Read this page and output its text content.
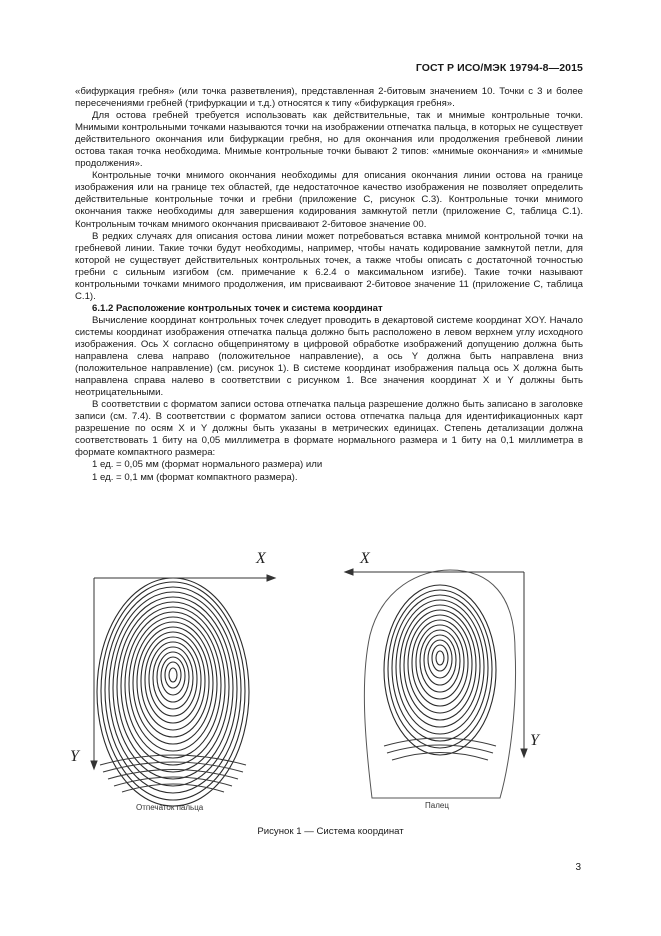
ГОСТ Р ИСО/МЭК 19794-8—2015

«бифуркация гребня» (или точка разветвления), представленная 2-битовым значением 10. Точки с 3 и более пересечениями гребней (трифуркации и т.д.) относятся к типу «бифуркация гребня».

Для остова гребней требуется использовать как действительные, так и мнимые контрольные точки. Мнимыми контрольными точками называются точки на изображении отпечатка пальца, в которых не существует действительного окончания или бифуркации гребня, но для окончания или продолжения гребневой линии остова такая точка необходима. Мнимые контрольные точки бывают 2 типов: «мнимые окончания» и «мнимые продолжения».

Контрольные точки мнимого окончания необходимы для описания окончания линии остова на границе изображения или на границе тех областей, где недостаточное качество изображения не позволяет определить действительные контрольные точки и гребни (приложение С, рисунок С.3). Контрольные точки мнимого окончания также необходимы для завершения кодирования замкнутой петли (приложение С, таблица С.1). Контрольным точкам мнимого окончания присваивают 2-битовое значение 00.

В редких случаях для описания остова линии может потребоваться вставка мнимой контрольной точки на гребневой линии. Такие точки будут необходимы, например, чтобы начать кодирование замкнутой петли, для которой не существует действительных контрольных точек, а также чтобы описать с достаточной точностью гребни с сильным изгибом (см. примечание к 6.2.4 о максимальном изгибе). Такие точки называют контрольными точками мнимого продолжения, им присваивают 2-битовое значение 11 (приложение С, таблица С.1).

6.1.2 Расположение контрольных точек и система координат

Вычисление координат контрольных точек следует проводить в декартовой системе координат XOY. Начало системы координат изображения отпечатка пальца должно быть расположено в левом верхнем углу исходного изображения. Ось X согласно общепринятому в цифровой обработке изображений допущению должна быть направлена слева направо (положительное направление), а ось Y должна быть направлена вниз (положительное направление) (см. рисунок 1). В системе координат изображения пальца ось X должна быть направлена справа налево в соответствии с рисунком 1. Все значения координат X и Y должны быть неотрицательными.

В соответствии с форматом записи остова отпечатка пальца разрешение должно быть записано в заголовке записи (см. 7.4). В соответствии с форматом записи остова отпечатка пальца для идентификационных карт разрешение по осям X и Y должны быть указаны в метрических единицах. Степень детализации должна соответствовать 1 биту на 0,05 миллиметра в формате нормального размера и 1 биту на 0,1 миллиметра в формате компактного размера:

1 ед. = 0,05 мм (формат нормального размера) или

1 ед. = 0,1 мм (формат компактного размера).

X
Y
X
Y
Отпечаток пальца	Палец
Рисунок 1 — Система координат
3
